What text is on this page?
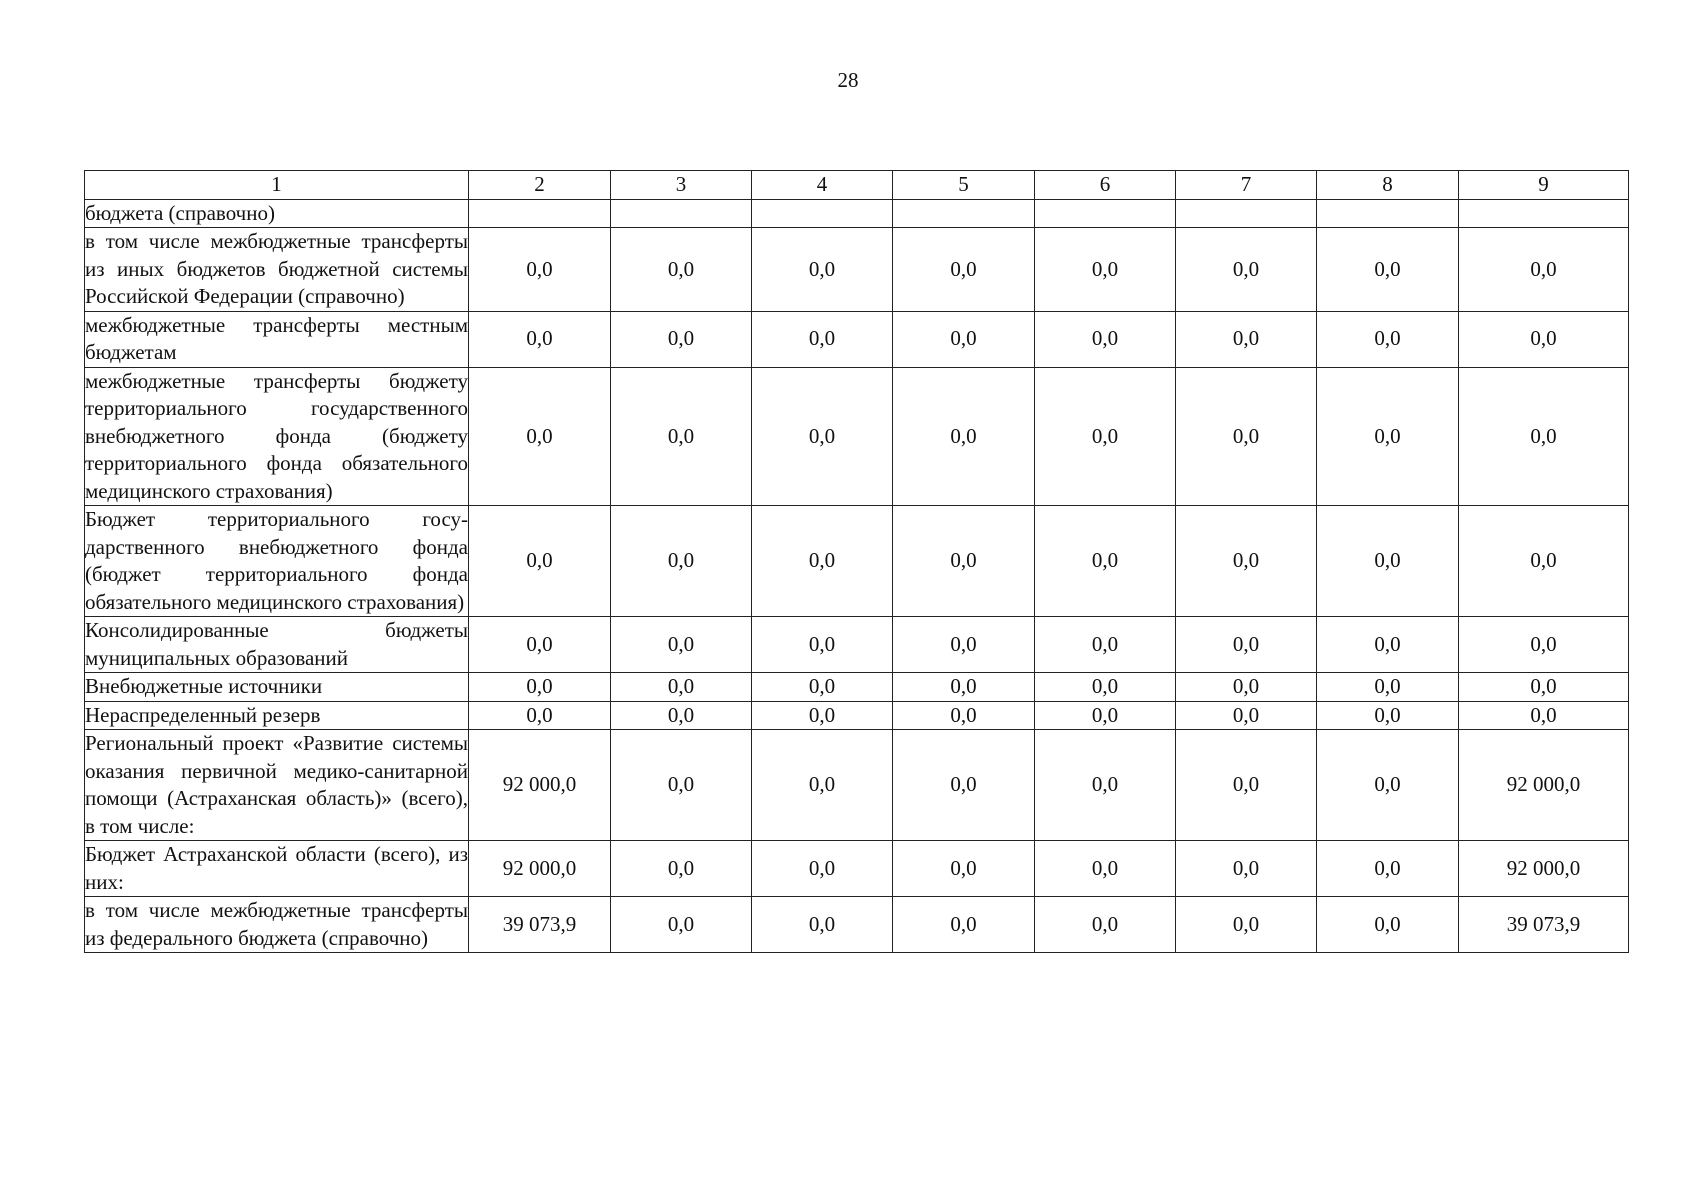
28
1	2	3	4	5	6	7	8	9
бюджета (справочно)								
в том числе межбюджетные трансферты из иных бюджетов бюджетной системы Российской Федерации (справочно)	0,0	0,0	0,0	0,0	0,0	0,0	0,0	0,0
межбюджетные трансферты местным бюджетам	0,0	0,0	0,0	0,0	0,0	0,0	0,0	0,0
межбюджетные трансферты бюджету территориального государственного внебюджетного фонда (бюджету территориального фонда обязательного медицинского страхования)	0,0	0,0	0,0	0,0	0,0	0,0	0,0	0,0
Бюджет территориального государственного внебюджетного фонда (бюджет территориального фонда обязательного медицинского страхования)	0,0	0,0	0,0	0,0	0,0	0,0	0,0	0,0
Консолидированные бюджеты муниципальных образований	0,0	0,0	0,0	0,0	0,0	0,0	0,0	0,0
Внебюджетные источники	0,0	0,0	0,0	0,0	0,0	0,0	0,0	0,0
Нераспределенный резерв	0,0	0,0	0,0	0,0	0,0	0,0	0,0	0,0
Региональный проект «Развитие системы оказания первичной медико-санитарной помощи (Астраханская область)» (всего), в том числе:	92 000,0	0,0	0,0	0,0	0,0	0,0	0,0	92 000,0
Бюджет Астраханской области (всего), из них:	92 000,0	0,0	0,0	0,0	0,0	0,0	0,0	92 000,0
в том числе межбюджетные трансферты из федерального бюджета (справочно)	39 073,9	0,0	0,0	0,0	0,0	0,0	0,0	39 073,9
